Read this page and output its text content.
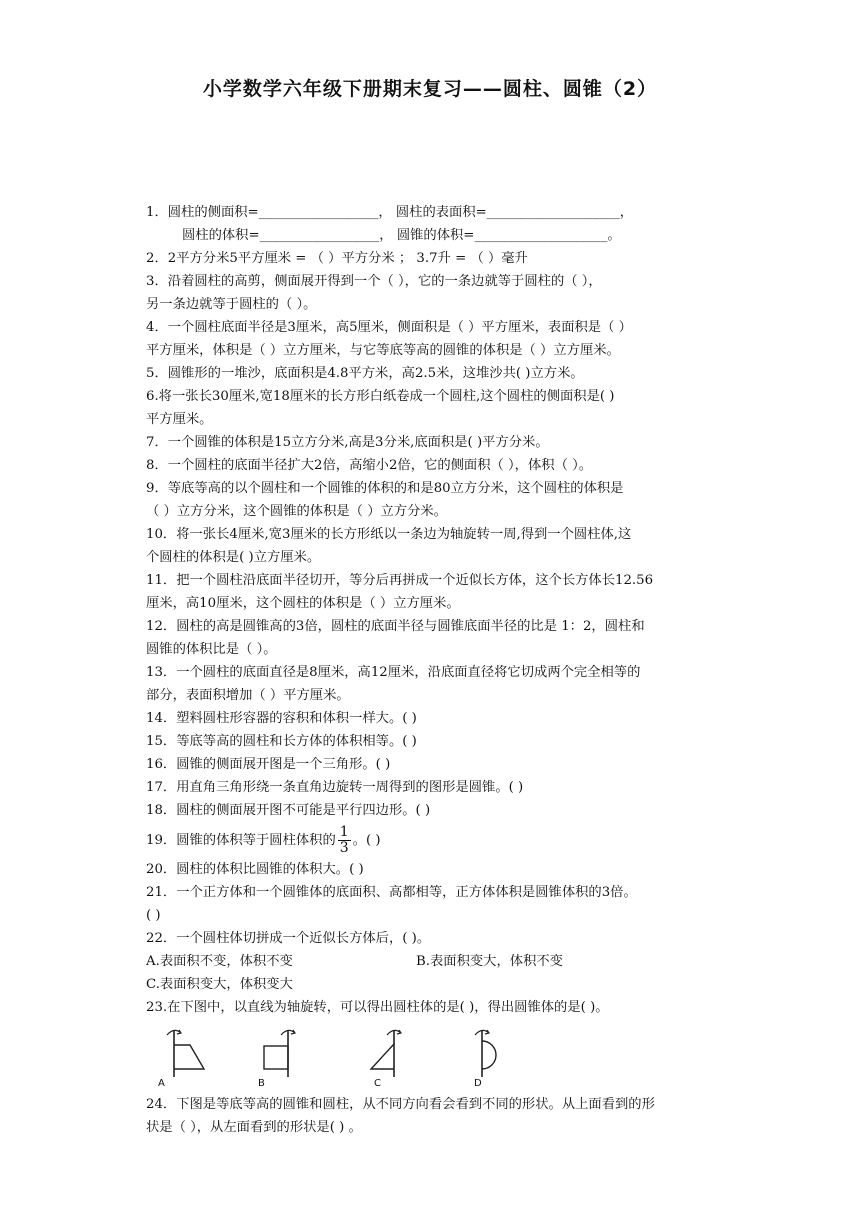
小学数学六年级下册期末复习——圆柱、圆锥（2）

1．圆柱的侧面积=__________________， 圆柱的表面积=____________________，

圆柱的体积=__________________， 圆锥的体积=____________________。

2．2平方分米5平方厘米 = （ ）平方分米 ； 3.7升 = （ ）毫升

3．沿着圆柱的高剪，侧面展开得到一个（ ），它的一条边就等于圆柱的（ ），

另一条边就等于圆柱的（ ）。

4．一个圆柱底面半径是3厘米，高5厘米，侧面积是（ ）平方厘米，表面积是（ ）

平方厘米，体积是（ ）立方厘米，与它等底等高的圆锥的体积是（ ）立方厘米。

5．圆锥形的一堆沙，底面积是4.8平方米，高2.5米，这堆沙共( )立方米。

6.将一张长30厘米,宽18厘米的长方形白纸卷成一个圆柱,这个圆柱的侧面积是( )

平方厘米。

7．一个圆锥的体积是15立方分米,高是3分米,底面积是( )平方分米。

8．一个圆柱的底面半径扩大2倍，高缩小2倍，它的侧面积（ ），体积（ ）。

9．等底等高的以个圆柱和一个圆锥的体积的和是80立方分米，这个圆柱的体积是

（ ）立方分米，这个圆锥的体积是（ ）立方分米。

10．将一张长4厘米,宽3厘米的长方形纸以一条边为轴旋转一周,得到一个圆柱体,这

个圆柱的体积是( )立方厘米。

11．把一个圆柱沿底面半径切开，等分后再拼成一个近似长方体，这个长方体长12.56

厘米，高10厘米，这个圆柱的体积是（ ）立方厘米。

12．圆柱的高是圆锥高的3倍，圆柱的底面半径与圆锥底面半径的比是 1：2，圆柱和

圆锥的体积比是（ ）。

13．一个圆柱的底面直径是8厘米，高12厘米，沿底面直径将它切成两个完全相等的

部分，表面积增加（ ）平方厘米。

14．塑料圆柱形容器的容积和体积一样大。( )

15．等底等高的圆柱和长方体的体积相等。( )

16．圆锥的侧面展开图是一个三角形。( )

17．用直角三角形绕一条直角边旋转一周得到的图形是圆锥。( )

18．圆柱的侧面展开图不可能是平行四边形。( )

19．圆锥的体积等于圆柱体积的 $\frac{1}{3}$ 。( )

20．圆柱的体积比圆锥的体积大。( )

21．一个正方体和一个圆锥体的底面积、高都相等，正方体体积是圆锥体积的3倍。

( )

22．一个圆柱体切拼成一个近似长方体后，( )。

A.表面积不变，体积不变	B.表面积变大，体积不变

C.表面积变大，体积变大

23.在下图中，以直线为轴旋转，可以得出圆柱体的是( )，得出圆锥体的是( )。

A	B	C	D

24．下图是等底等高的圆锥和圆柱，从不同方向看会看到不同的形状。从上面看到的形

状是（ ），从左面看到的形状是( ) 。
